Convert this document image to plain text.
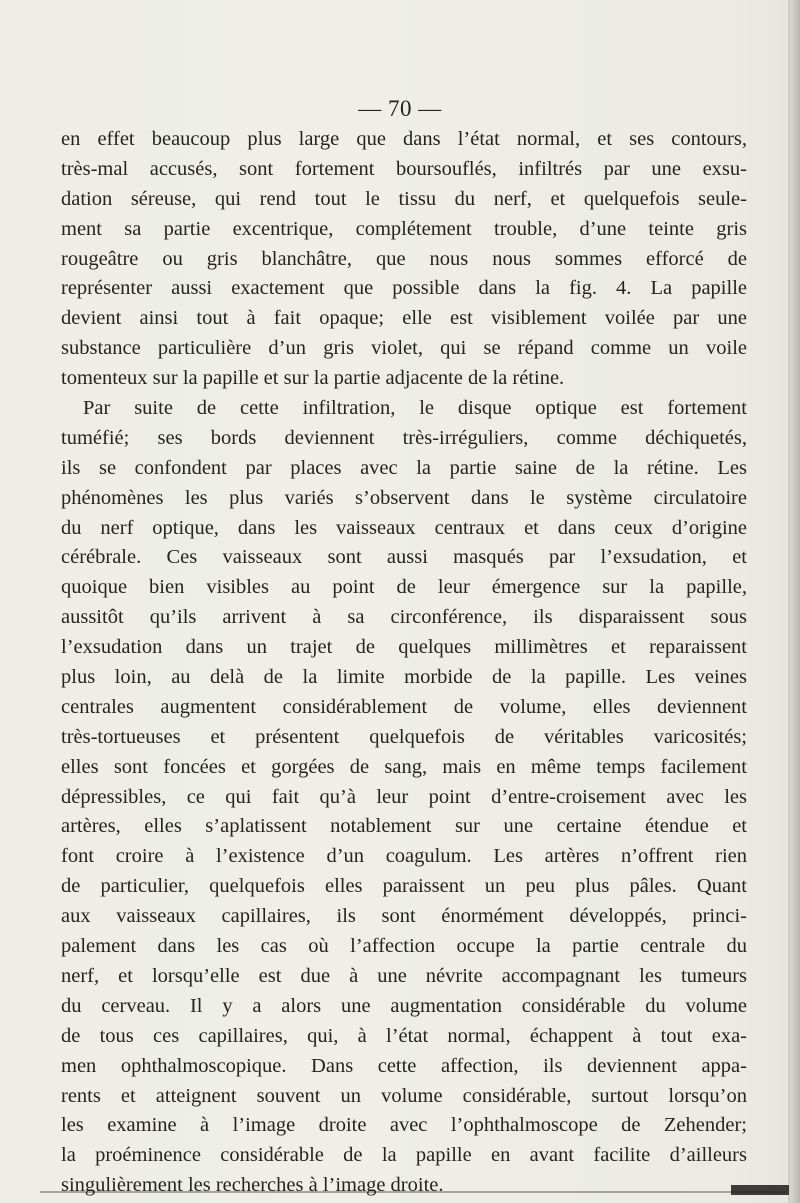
— 70 —
en effet beaucoup plus large que dans l’état normal, et ses contours,
très-mal accusés, sont fortement boursouflés, infiltrés par une exsu-
dation séreuse, qui rend tout le tissu du nerf, et quelquefois seule-
ment sa partie excentrique, complétement trouble, d’une teinte gris
rougeâtre ou gris blanchâtre, que nous nous sommes efforcé de
représenter aussi exactement que possible dans la fig. 4. La papille
devient ainsi tout à fait opaque; elle est visiblement voilée par une
substance particulière d’un gris violet, qui se répand comme un voile
tomenteux sur la papille et sur la partie adjacente de la rétine.
Par suite de cette infiltration, le disque optique est fortement
tuméfié; ses bords deviennent très-irréguliers, comme déchiquetés,
ils se confondent par places avec la partie saine de la rétine. Les
phénomènes les plus variés s’observent dans le système circulatoire
du nerf optique, dans les vaisseaux centraux et dans ceux d’origine
cérébrale. Ces vaisseaux sont aussi masqués par l’exsudation, et
quoique bien visibles au point de leur émergence sur la papille,
aussitôt qu’ils arrivent à sa circonférence, ils disparaissent sous
l’exsudation dans un trajet de quelques millimètres et reparaissent
plus loin, au delà de la limite morbide de la papille. Les veines
centrales augmentent considérablement de volume, elles deviennent
très-tortueuses et présentent quelquefois de véritables varicosités;
elles sont foncées et gorgées de sang, mais en même temps facilement
dépressibles, ce qui fait qu’à leur point d’entre-croisement avec les
artères, elles s’aplatissent notablement sur une certaine étendue et
font croire à l’existence d’un coagulum. Les artères n’offrent rien
de particulier, quelquefois elles paraissent un peu plus pâles. Quant
aux vaisseaux capillaires, ils sont énormément développés, princi-
palement dans les cas où l’affection occupe la partie centrale du
nerf, et lorsqu’elle est due à une névrite accompagnant les tumeurs
du cerveau. Il y a alors une augmentation considérable du volume
de tous ces capillaires, qui, à l’état normal, échappent à tout exa-
men ophthalmoscopique. Dans cette affection, ils deviennent appa-
rents et atteignent souvent un volume considérable, surtout lorsqu’on
les examine à l’image droite avec l’ophthalmoscope de Zehender;
la proéminence considérable de la papille en avant facilite d’ailleurs
singulièrement les recherches à l’image droite.
